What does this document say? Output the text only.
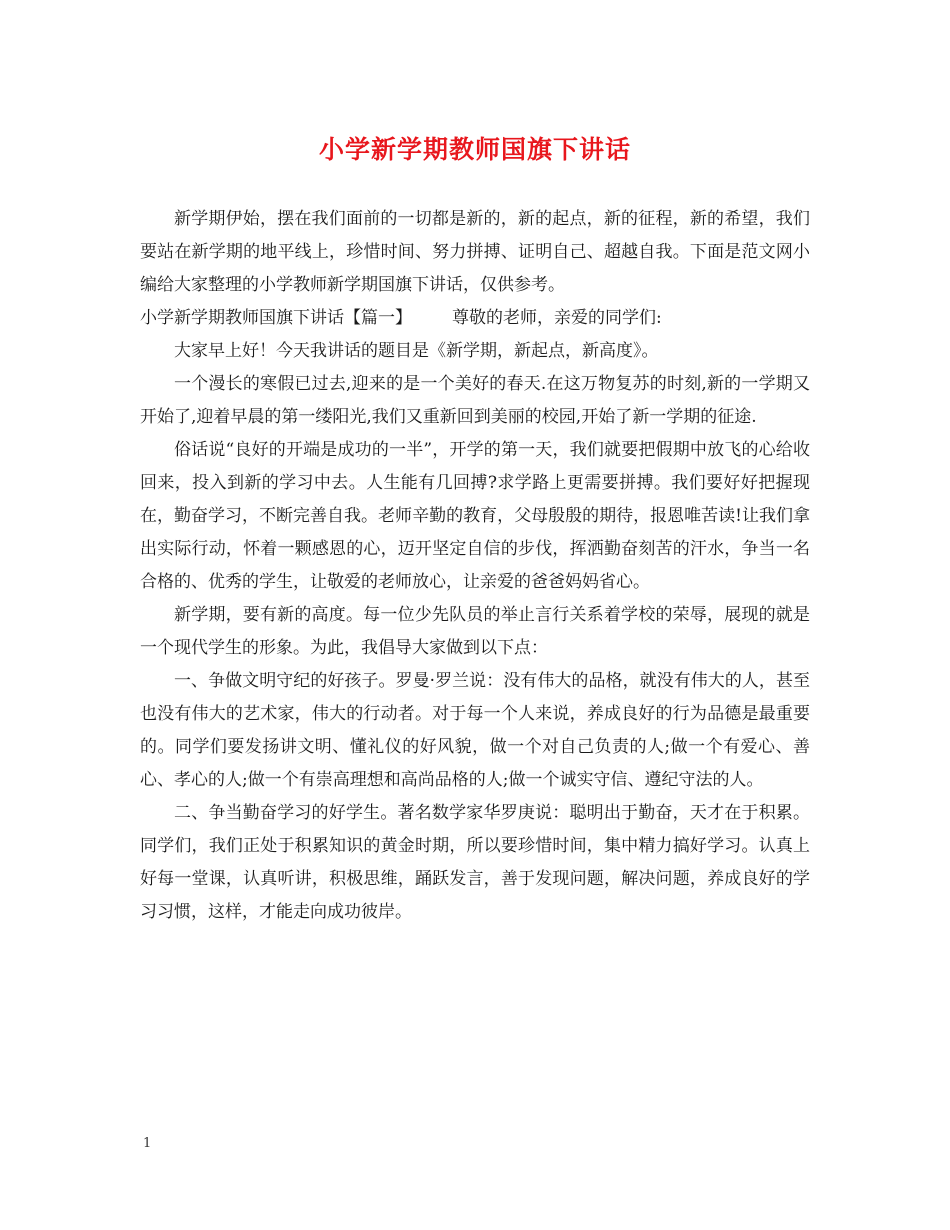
小学新学期教师国旗下讲话

新学期伊始，摆在我们面前的一切都是新的，新的起点，新的征程，新的希望，我们要站在新学期的地平线上，珍惜时间、努力拼搏、证明自己、超越自我。下面是范文网小编给大家整理的小学教师新学期国旗下讲话，仅供参考。

小学新学期教师国旗下讲话【篇一】 尊敬的老师，亲爱的同学们:

大家早上好！今天我讲话的题目是《新学期，新起点，新高度》。

一个漫长的寒假已过去,迎来的是一个美好的春天.在这万物复苏的时刻,新的一学期又开始了,迎着早晨的第一缕阳光,我们又重新回到美丽的校园,开始了新一学期的征途.

俗话说“良好的开端是成功的一半”，开学的第一天，我们就要把假期中放飞的心给收回来，投入到新的学习中去。人生能有几回搏?求学路上更需要拼搏。我们要好好把握现在，勤奋学习，不断完善自我。老师辛勤的教育，父母殷殷的期待，报恩唯苦读!让我们拿出实际行动，怀着一颗感恩的心，迈开坚定自信的步伐，挥洒勤奋刻苦的汗水，争当一名合格的、优秀的学生，让敬爱的老师放心，让亲爱的爸爸妈妈省心。

新学期，要有新的高度。每一位少先队员的举止言行关系着学校的荣辱，展现的就是一个现代学生的形象。为此，我倡导大家做到以下点：

一、争做文明守纪的好孩子。罗曼·罗兰说：没有伟大的品格，就没有伟大的人，甚至也没有伟大的艺术家，伟大的行动者。对于每一个人来说，养成良好的行为品德是最重要的。同学们要发扬讲文明、懂礼仪的好风貌，做一个对自己负责的人;做一个有爱心、善心、孝心的人;做一个有崇高理想和高尚品格的人;做一个诚实守信、遵纪守法的人。

二、争当勤奋学习的好学生。著名数学家华罗庚说：聪明出于勤奋，天才在于积累。同学们，我们正处于积累知识的黄金时期，所以要珍惜时间，集中精力搞好学习。认真上好每一堂课，认真听讲，积极思维，踊跃发言，善于发现问题，解决问题，养成良好的学习习惯，这样，才能走向成功彼岸。

1
